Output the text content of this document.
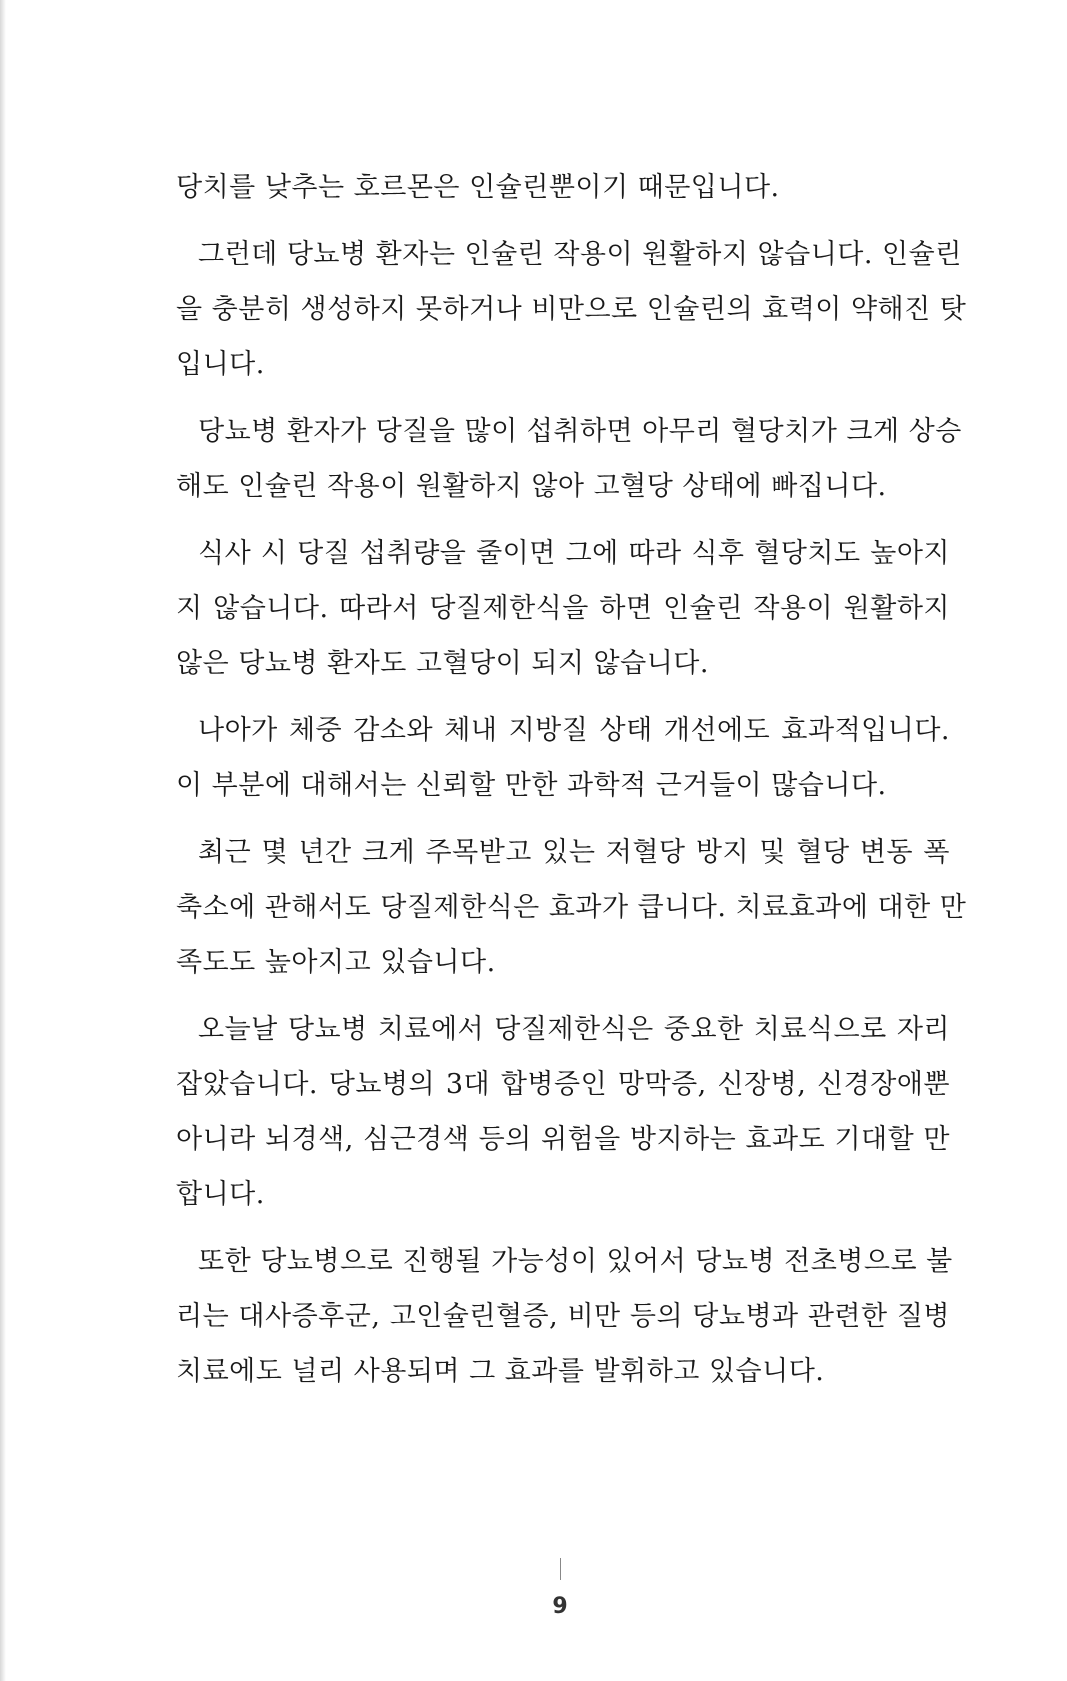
당치를 낮추는 호르몬은 인슐린뿐이기 때문입니다.

그런데 당뇨병 환자는 인슐린 작용이 원활하지 않습니다. 인슐린
을 충분히 생성하지 못하거나 비만으로 인슐린의 효력이 약해진 탓
입니다.

당뇨병 환자가 당질을 많이 섭취하면 아무리 혈당치가 크게 상승
해도 인슐린 작용이 원활하지 않아 고혈당 상태에 빠집니다.

식사 시 당질 섭취량을 줄이면 그에 따라 식후 혈당치도 높아지
지 않습니다. 따라서 당질제한식을 하면 인슐린 작용이 원활하지
않은 당뇨병 환자도 고혈당이 되지 않습니다.

나아가 체중 감소와 체내 지방질 상태 개선에도 효과적입니다.
이 부분에 대해서는 신뢰할 만한 과학적 근거들이 많습니다.

최근 몇 년간 크게 주목받고 있는 저혈당 방지 및 혈당 변동 폭
축소에 관해서도 당질제한식은 효과가 큽니다. 치료효과에 대한 만
족도도 높아지고 있습니다.

오늘날 당뇨병 치료에서 당질제한식은 중요한 치료식으로 자리
잡았습니다. 당뇨병의 3대 합병증인 망막증, 신장병, 신경장애뿐
아니라 뇌경색, 심근경색 등의 위험을 방지하는 효과도 기대할 만
합니다.

또한 당뇨병으로 진행될 가능성이 있어서 당뇨병 전초병으로 불
리는 대사증후군, 고인슐린혈증, 비만 등의 당뇨병과 관련한 질병
치료에도 널리 사용되며 그 효과를 발휘하고 있습니다.

9
